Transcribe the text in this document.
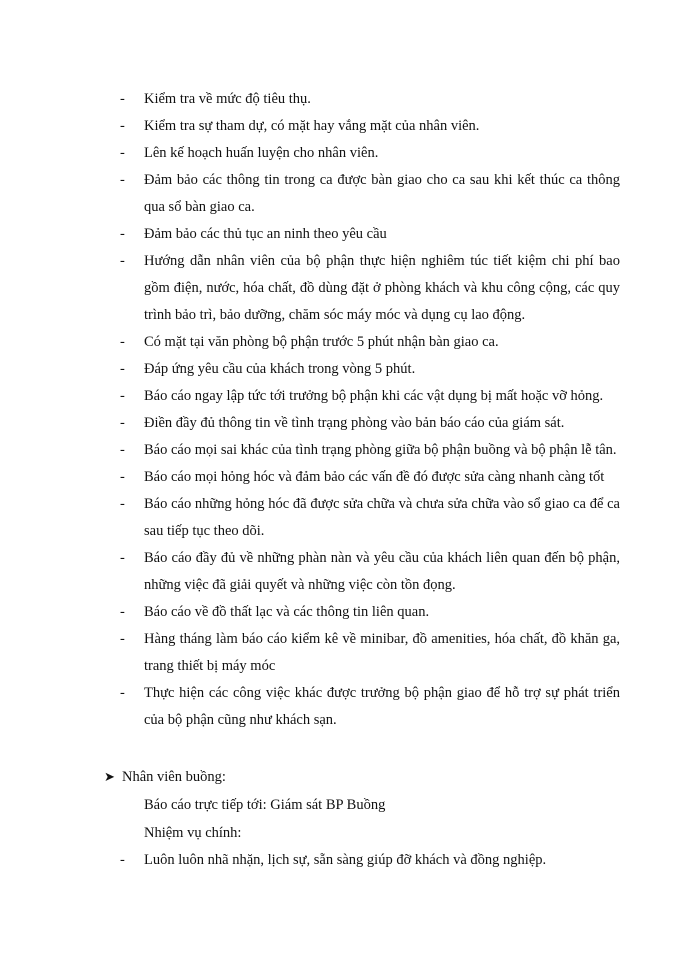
- Kiểm tra về mức độ tiêu thụ.
- Kiểm tra sự tham dự, có mặt hay vắng mặt của nhân viên.
- Lên kế hoạch huấn luyện cho nhân viên.
- Đảm bảo các thông tin trong ca được bàn giao cho ca sau khi kết thúc ca thông qua sổ bàn giao ca.
- Đảm bảo các thủ tục an ninh theo yêu cầu
- Hướng dẫn nhân viên của bộ phận thực hiện nghiêm túc tiết kiệm chi phí bao gồm điện, nước, hóa chất, đồ dùng đặt ở phòng khách và khu công cộng, các quy trình bảo trì, bảo dưỡng, chăm sóc máy móc và dụng cụ lao động.
- Có mặt tại văn phòng bộ phận trước 5 phút nhận bàn giao ca.
- Đáp ứng yêu cầu của khách trong vòng 5 phút.
- Báo cáo ngay lập tức tới trưởng bộ phận khi các vật dụng bị mất hoặc vỡ hỏng.
- Điền đầy đủ thông tin về tình trạng phòng vào bản báo cáo của giám sát.
- Báo cáo mọi sai khác của tình trạng phòng giữa bộ phận buồng và bộ phận lễ tân.
- Báo cáo mọi hỏng hóc và đảm bảo các vấn đề đó được sửa càng nhanh càng tốt
- Báo cáo những hỏng hóc đã được sửa chữa và chưa sửa chữa vào sổ giao ca để ca sau tiếp tục theo dõi.
- Báo cáo đầy đủ về những phàn nàn và yêu cầu của khách liên quan đến bộ phận, những việc đã giải quyết và những việc còn tồn đọng.
- Báo cáo về đồ thất lạc và các thông tin liên quan.
- Hàng tháng làm báo cáo kiểm kê về minibar, đồ amenities, hóa chất, đồ khăn ga, trang thiết bị máy móc
- Thực hiện các công việc khác được trưởng bộ phận giao để hỗ trợ sự phát triển của bộ phận cũng như khách sạn.
➤ Nhân viên buồng:
Báo cáo trực tiếp tới: Giám sát BP Buồng
Nhiệm vụ chính:
- Luôn luôn nhã nhặn, lịch sự, sẵn sàng giúp đỡ khách và đồng nghiệp.
